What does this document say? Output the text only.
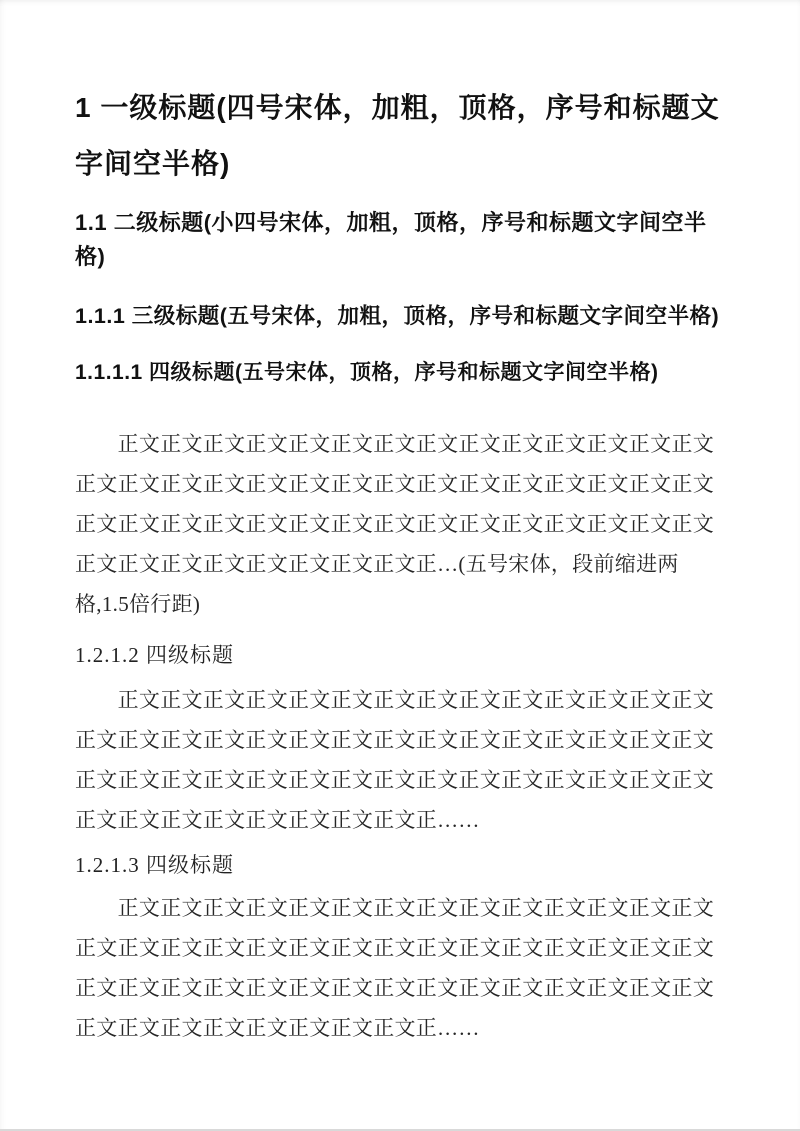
1 一级标题(四号宋体，加粗，顶格，序号和标题文
字间空半格)
1.1 二级标题(小四号宋体，加粗，顶格，序号和标题文字间空半格)
1.1.1 三级标题(五号宋体，加粗，顶格，序号和标题文字间空半格)
1.1.1.1 四级标题(五号宋体，顶格，序号和标题文字间空半格)
　　正文正文正文正文正文正文正文正文正文正文正文正文正文正文
正文正文正文正文正文正文正文正文正文正文正文正文正文正文正文
正文正文正文正文正文正文正文正文正文正文正文正文正文正文正文
正文正文正文正文正文正文正文正文正…(五号宋体，段前缩进两
格,1.5倍行距)
1.2.1.2 四级标题
　　正文正文正文正文正文正文正文正文正文正文正文正文正文正文
正文正文正文正文正文正文正文正文正文正文正文正文正文正文正文
正文正文正文正文正文正文正文正文正文正文正文正文正文正文正文
正文正文正文正文正文正文正文正文正……
1.2.1.3 四级标题
　　正文正文正文正文正文正文正文正文正文正文正文正文正文正文
正文正文正文正文正文正文正文正文正文正文正文正文正文正文正文
正文正文正文正文正文正文正文正文正文正文正文正文正文正文正文
正文正文正文正文正文正文正文正文正……
